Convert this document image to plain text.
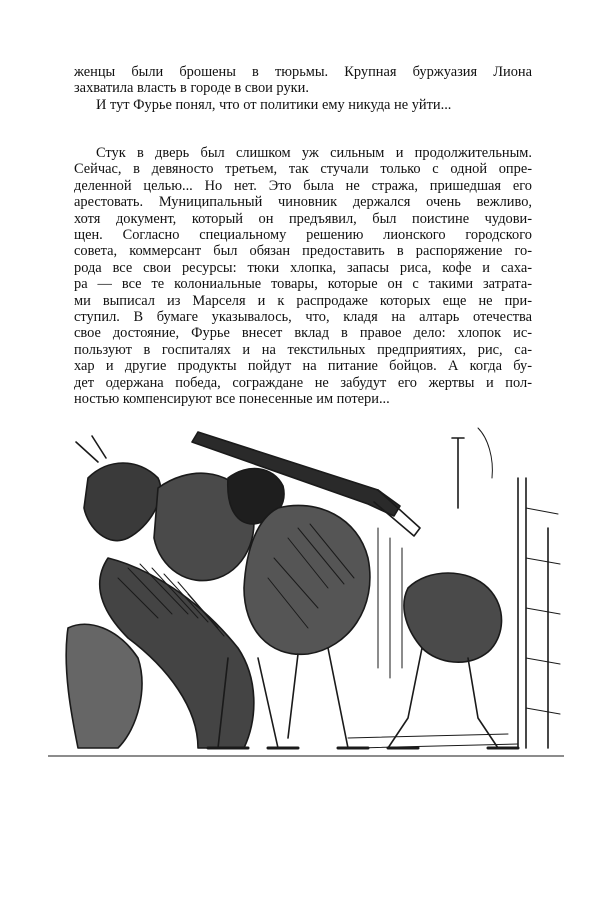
женцы были брошены в тюрьмы. Крупная буржуазия Лиона

захватила власть в городе в свои руки.

И тут Фурье понял, что от политики ему никуда не уйти...

Стук в дверь был слишком уж сильным и продолжительным.

Сейчас, в девяносто третьем, так стучали только с одной опре-

деленной целью... Но нет. Это была не стража, пришедшая его

арестовать. Муниципальный чиновник держался очень вежливо,

хотя документ, который он предъявил, был поистине чудови-

щен. Согласно специальному решению лионского городского

совета, коммерсант был обязан предоставить в распоряжение го-

рода все свои ресурсы: тюки хлопка, запасы риса, кофе и саха-

ра — все те колониальные товары, которые он с такими затрата-

ми выписал из Марселя и к распродаже которых еще не при-

ступил. В бумаге указывалось, что, кладя на алтарь отечества

свое достояние, Фурье внесет вклад в правое дело: хлопок ис-

пользуют в госпиталях и на текстильных предприятиях, рис, са-

хар и другие продукты пойдут на питание бойцов. А когда бу-

дет одержана победа, сограждане не забудут его жертвы и пол-

ностью компенсируют все понесенные им потери...
